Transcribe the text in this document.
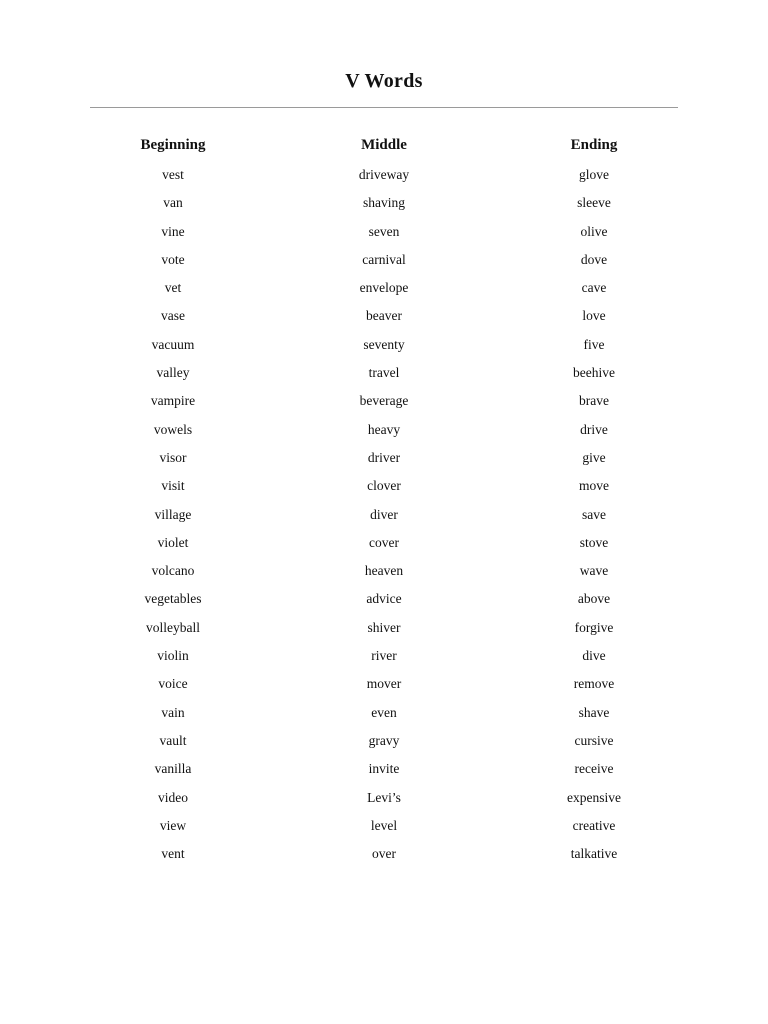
V Words
Beginning
vest
van
vine
vote
vet
vase
vacuum
valley
vampire
vowels
visor
visit
village
violet
volcano
vegetables
volleyball
violin
voice
vain
vault
vanilla
video
view
vent
Middle
driveway
shaving
seven
carnival
envelope
beaver
seventy
travel
beverage
heavy
driver
clover
diver
cover
heaven
advice
shiver
river
mover
even
gravy
invite
Levi’s
level
over
Ending
glove
sleeve
olive
dove
cave
love
five
beehive
brave
drive
give
move
save
stove
wave
above
forgive
dive
remove
shave
cursive
receive
expensive
creative
talkative
